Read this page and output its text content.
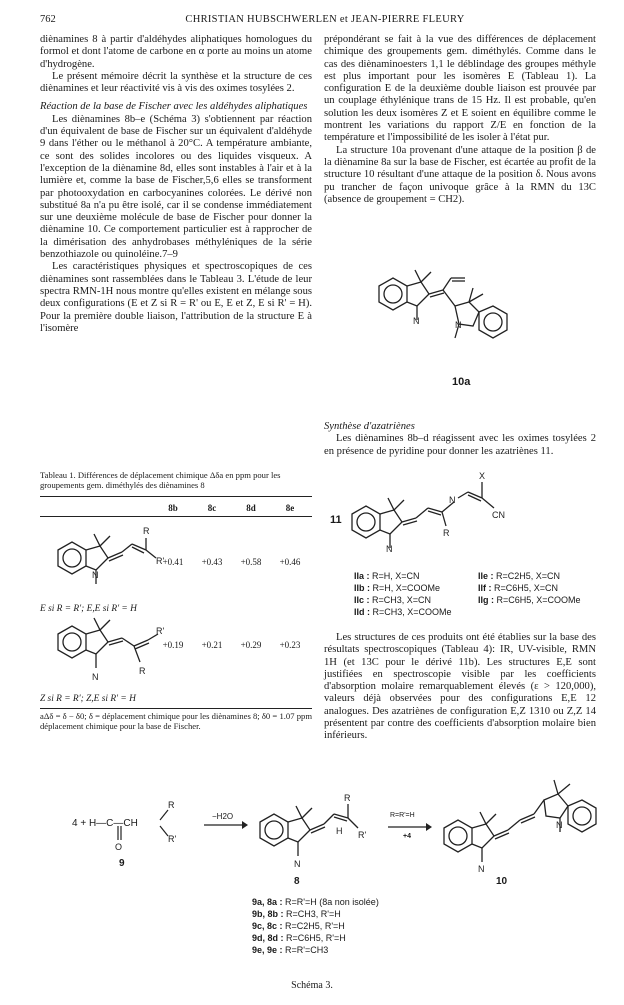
762	CHRISTIAN HUBSCHWERLEN et JEAN-PIERRE FLEURY

diènamines 8 à partir d'aldéhydes aliphatiques homologues du formol et dont l'atome de carbone en α porte au moins un atome d'hydrogène.

Le présent mémoire décrit la synthèse et la structure de ces diènamines et leur réactivité vis à vis des oximes tosylées 2.

Réaction de la base de Fischer avec les aldéhydes aliphatiques

Les diènamines 8b–e (Schéma 3) s'obtiennent par réaction d'un équivalent de base de Fischer sur un équivalent d'aldéhyde 9 dans l'éther ou le méthanol à 20°C. A température ambiante, ce sont des solides incolores ou des liquides visqueux. A l'exception de la diènamine 8d, elles sont instables à l'air et à la lumière et, comme la base de Fischer,5,6 elles se transforment par photooxydation en carbocyanines colorées. Le dérivé non substitué 8a n'a pu être isolé, car il se condense immédiatement sur une deuxième molécule de base de Fischer pour donner la diènamine 10. Ce comportement particulier est à rapprocher de la dimérisation des anhydrobases méthyléniques de la série benzothiazole ou quinoléine.7–9

Les caractéristiques physiques et spectroscopiques de ces diènamines sont rassemblées dans le Tableau 3. L'étude de leur spectra RMN-1H nous montre qu'elles existent en mélange sous deux configurations (E et Z si R = R' ou E, E et Z, E si R' = H). Pour la première double liaison, l'attribution de la structure E à l'isomère

Tableau 1. Différences de déplacement chimique Δδa en ppm pour les groupements gem. diméthylés des diènamines 8
8b	8c	8d	8e
R
R'
N
+0.41	+0.43	+0.58	+0.46
E si R = R'; E,E si R' = H
R'
R
N
+0.19	+0.21	+0.29	+0.23
Z si R = R'; Z,E si R' = H
aΔδ = δ − δ0; δ = déplacement chimique pour les diènamines 8; δ0 = 1.07 ppm déplacement chimique pour la base de Fischer.

prépondérant se fait à la vue des différences de déplacement chimique des groupements gem. diméthylés. Comme dans le cas des diènaminoesters 1,1 le déblindage des groupes méthyle est plus important pour les isomères E (Tableau 1). La configuration E de la deuxième double liaison est prouvée par un couplage éthylénique trans de 15 Hz. Il est probable, qu'en solution les deux isomères Z et E soient en équilibre comme le montrent les variations du rapport Z/E en fonction de la température et l'impossibilité de les isoler à l'état pur.

La structure 10a provenant d'une attaque de la position β de la diènamine 8a sur la base de Fischer, est écartée au profit de la structure 10 résultant d'une attaque de la position δ. Nous avons pu trancher de façon univoque grâce à la RMN du 13C (absence de groupement = CH2).

N	N
10a

Synthèse d'azatriènes

Les diènamines 8b–d réagissent avec les oximes tosylées 2 en présence de pyridine pour donner les azatriènes 11.

11
N
X
CN
R
N
IIa : R=H, X=CN
IIb : R=H, X=COOMe
IIc : R=CH3, X=CN
IId : R=CH3, X=COOMe
IIe : R=C2H5, X=CN
IIf : R=C6H5, X=CN
IIg : R=C6H5, X=COOMe

Les structures de ces produits ont été établies sur la base des résultats spectroscopiques (Tableau 4): IR, UV-visible, RMN 1H (et 13C pour le dérivé 11b). Les structures E,E sont justifiées en spectroscopie visible par les coefficients d'absorption molaire remarquablement élevés (ε > 120,000), valeurs déjà observées pour des configurations E,E 12 analogues. Des azatriènes de configuration E,Z 1310 ou Z,Z 14 présentent par contre des coefficients d'absorption molaire bien inférieurs.

4 + H—C—CH
O
R
R'
9
−H2O
R
R'
H
N
8
R=R'=H
+4
N
N
10
9a, 8a : R=R'=H (8a non isolée)
9b, 8b : R=CH3, R'=H
9c, 8c : R=C2H5, R'=H
9d, 8d : R=C6H5, R'=H
9e, 9e : R=R'=CH3
Schéma 3.
